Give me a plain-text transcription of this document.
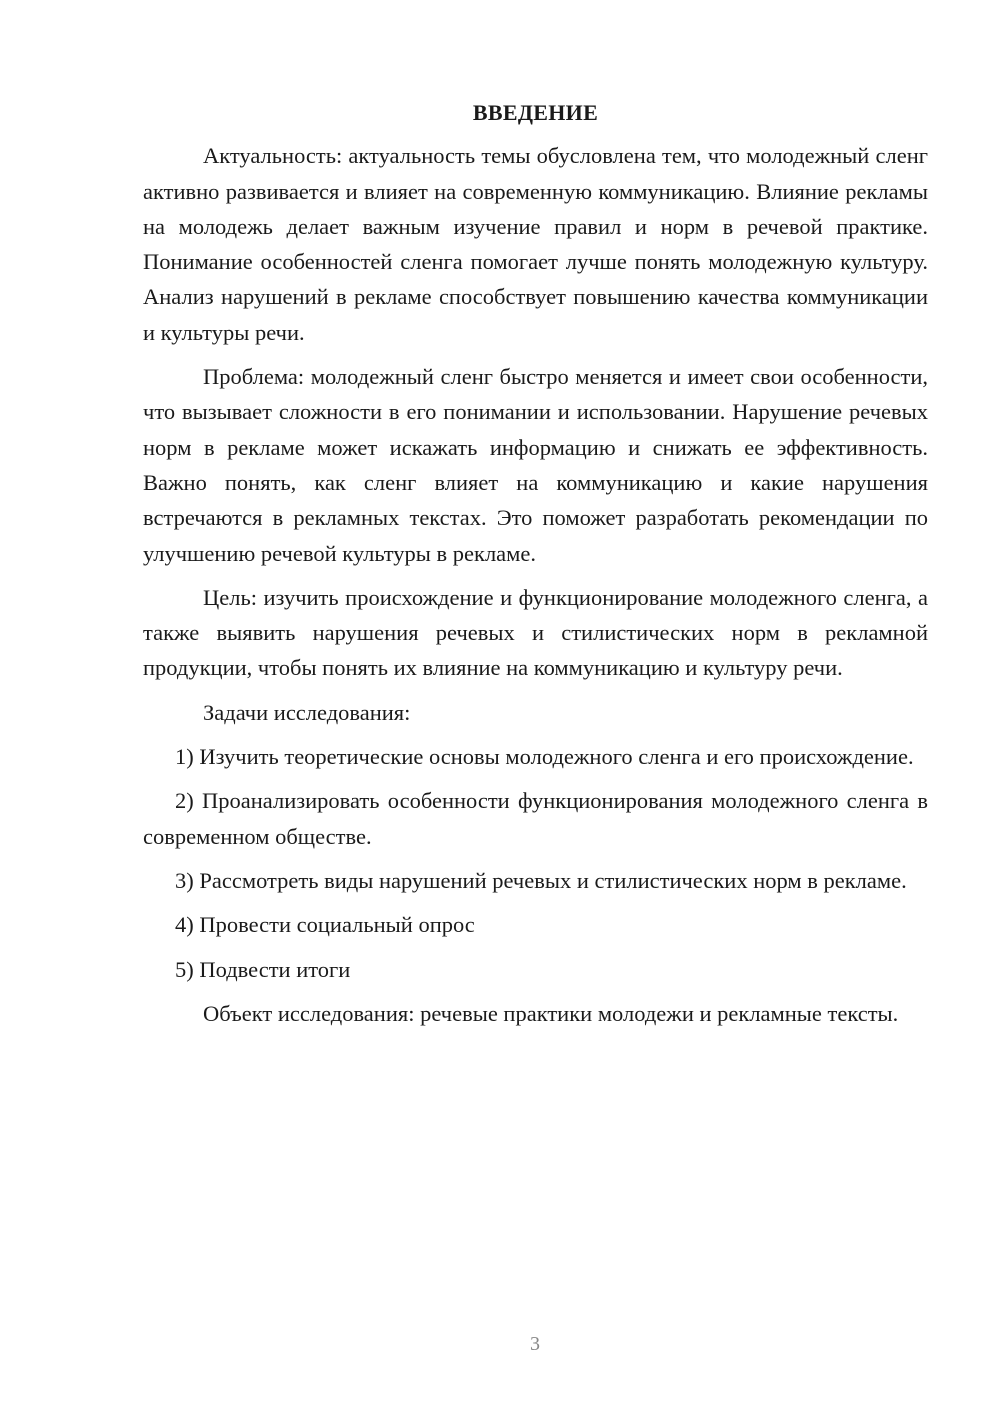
ВВЕДЕНИЕ

Актуальность: актуальность темы обусловлена тем, что молодежный сленг активно развивается и влияет на современную коммуникацию. Влияние рекламы на молодежь делает важным изучение правил и норм в речевой практике. Понимание особенностей сленга помогает лучше понять молодежную культуру. Анализ нарушений в рекламе способствует повышению качества коммуникации и культуры речи.

Проблема: молодежный сленг быстро меняется и имеет свои особенности, что вызывает сложности в его понимании и использовании. Нарушение речевых норм в рекламе может искажать информацию и снижать ее эффективность. Важно понять, как сленг влияет на коммуникацию и какие нарушения встречаются в рекламных текстах. Это поможет разработать рекомендации по улучшению речевой культуры в рекламе.

Цель: изучить происхождение и функционирование молодежного сленга, а также выявить нарушения речевых и стилистических норм в рекламной продукции, чтобы понять их влияние на коммуникацию и культуру речи.

Задачи исследования:

1) Изучить теоретические основы молодежного сленга и его происхождение.

2) Проанализировать особенности функционирования молодежного сленга в современном обществе.

3) Рассмотреть виды нарушений речевых и стилистических норм в рекламе.

4) Провести социальный опрос

5) Подвести итоги

Объект исследования: речевые практики молодежи и рекламные тексты.

3
